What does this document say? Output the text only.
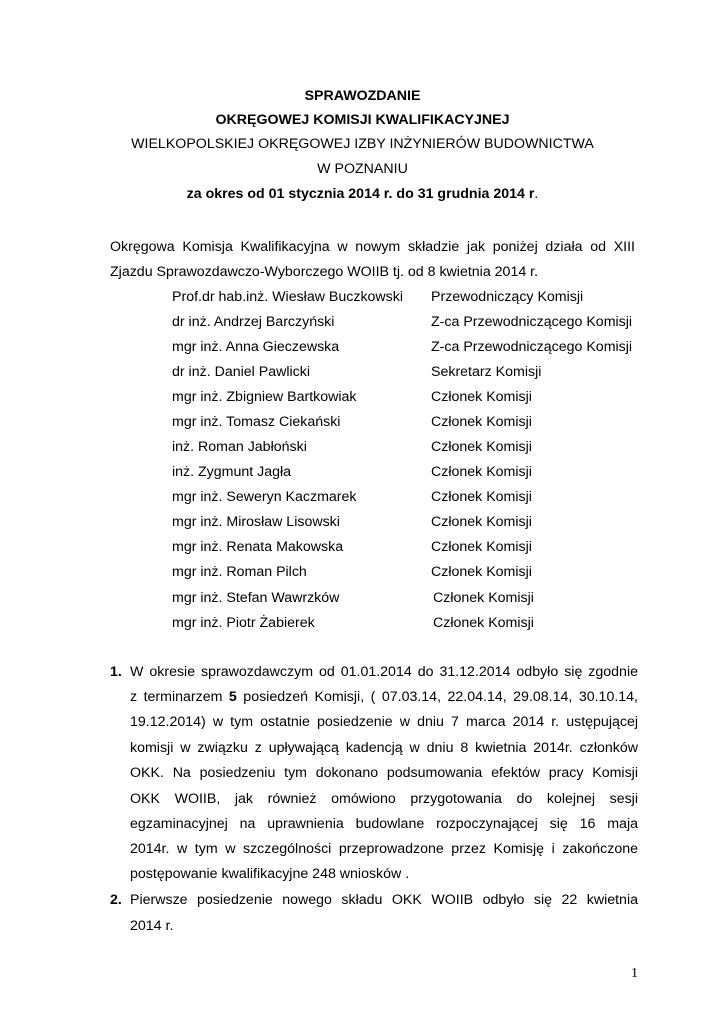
SPRAWOZDANIE
OKRĘGOWEJ KOMISJI KWALIFIKACYJNEJ
WIELKOPOLSKIEJ OKRĘGOWEJ IZBY INŻYNIERÓW BUDOWNICTWA
W POZNANIU
za okres od 01 stycznia 2014 r. do 31 grudnia 2014 r.
Okręgowa Komisja Kwalifikacyjna w nowym składzie jak poniżej działa od XIII
Zjazdu Sprawozdawczo-Wyborczego WOIIB tj. od 8 kwietnia 2014 r.
Prof.dr hab.inż. Wiesław Buczkowski Przewodniczący Komisji
dr inż. Andrzej Barczyński	Z-ca Przewodniczącego Komisji
mgr inż. Anna Gieczewska	Z-ca Przewodniczącego Komisji
dr inż. Daniel Pawlicki	Sekretarz Komisji
mgr inż. Zbigniew Bartkowiak	Członek Komisji
mgr inż. Tomasz Ciekański	Członek Komisji
inż. Roman Jabłoński	Członek Komisji
inż. Zygmunt Jagła	Członek Komisji
mgr inż. Seweryn Kaczmarek	Członek Komisji
mgr inż. Mirosław Lisowski	Członek Komisji
mgr inż. Renata Makowska	Członek Komisji
mgr inż. Roman Pilch	Członek Komisji
mgr inż. Stefan Wawrzków	Członek Komisji
mgr inż. Piotr Żabierek	Członek Komisji
1. W okresie sprawozdawczym od 01.01.2014 do 31.12.2014 odbyło się zgodnie
z terminarzem 5 posiedzeń Komisji, ( 07.03.14, 22.04.14, 29.08.14, 30.10.14,
19.12.2014) w tym ostatnie posiedzenie w dniu 7 marca 2014 r. ustępującej
komisji w związku z upływającą kadencją w dniu 8 kwietnia 2014r. członków
OKK. Na posiedzeniu tym dokonano podsumowania efektów pracy Komisji
OKK WOIIB, jak również omówiono przygotowania do kolejnej sesji
egzaminacyjnej na uprawnienia budowlane rozpoczynającej się 16 maja
2014r. w tym w szczególności przeprowadzone przez Komisję i zakończone
postępowanie kwalifikacyjne 248 wniosków .
2. Pierwsze posiedzenie nowego składu OKK WOIIB odbyło się 22 kwietnia
2014 r.
1
